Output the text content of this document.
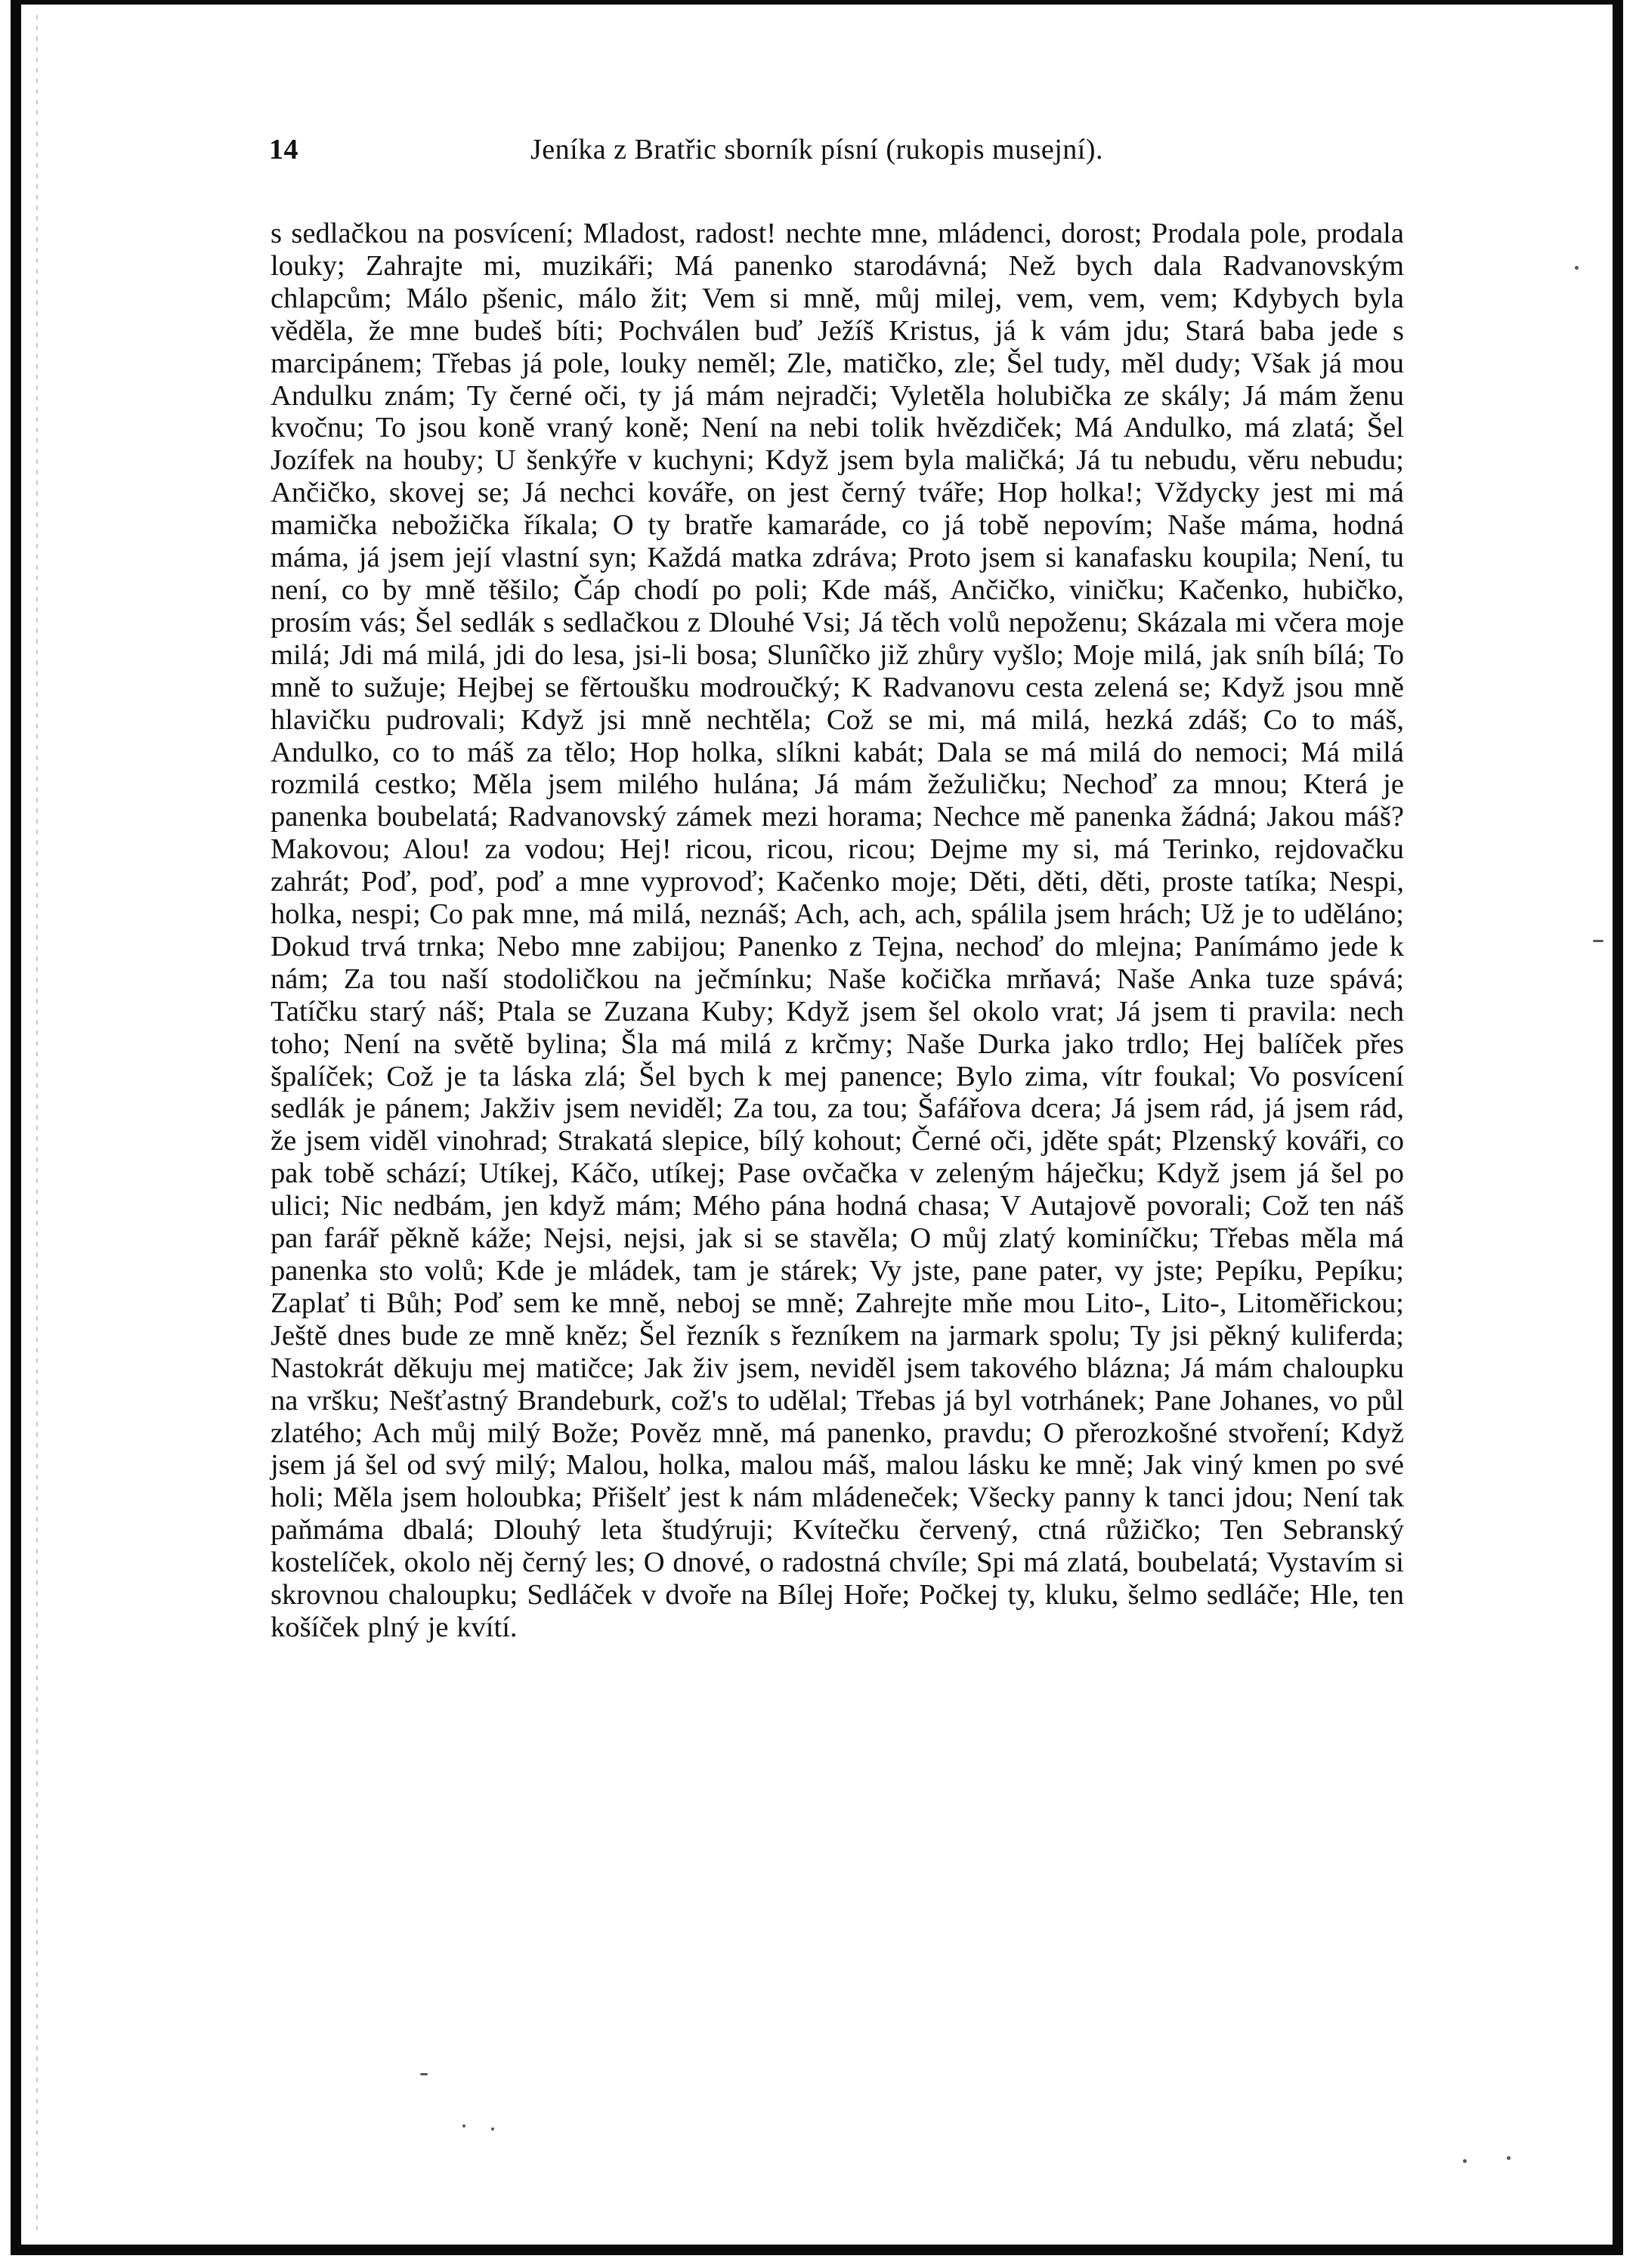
14	Jeníka z Bratřic sborník písní (rukopis musejní).
s sedlačkou na posvícení; Mladost, radost! nechte mne, mládenci, dorost; Prodala pole, prodala louky; Zahrajte mi, muzikáři; Má panenko starodávná; Než bych dala Radvanovským chlapcům; Málo pšenic, málo žit; Vem si mně, můj milej, vem, vem, vem; Kdybych byla věděla, že mne budeš bíti; Pochválen buď Ježíš Kristus, já k vám jdu; Stará baba jede s marcipánem; Třebas já pole, louky neměl; Zle, matičko, zle; Šel tudy, měl dudy; Však já mou Andulku znám; Ty černé oči, ty já mám nejradči; Vyletěla holubička ze skály; Já mám ženu kvočnu; To jsou koně vraný koně; Není na nebi tolik hvězdiček; Má Andulko, má zlatá; Šel Jozífek na houby; U šenkýře v kuchyni; Když jsem byla maličká; Já tu nebudu, věru nebudu; Ančičko, skovej se; Já nechci kováře, on jest černý tváře; Hop holka!; Vždycky jest mi má mamička nebožička říkala; O ty bratře kamaráde, co já tobě nepovím; Naše máma, hodná máma, já jsem její vlastní syn; Každá matka zdráva; Proto jsem si kanafasku koupila; Není, tu není, co by mně těšilo; Čáp chodí po poli; Kde máš, Ančičko, viničku; Kačenko, hubičko, prosím vás; Šel sedlák s sedlačkou z Dlouhé Vsi; Já těch volů nepoženu; Skázala mi včera moje milá; Jdi má milá, jdi do lesa, jsi-li bosa; Slunîčko již zhůry vyšlo; Moje milá, jak sníh bílá; To mně to sužuje; Hejbej se fěrtoušku modroučký; K Radvanovu cesta zelená se; Když jsou mně hlavičku pudrovali; Když jsi mně nechtěla; Což se mi, má milá, hezká zdáš; Co to máš, Andulko, co to máš za tělo; Hop holka, slíkni kabát; Dala se má milá do nemoci; Má milá rozmilá cestko; Měla jsem milého hulána; Já mám žežuličku; Nechoď za mnou; Která je panenka boubelatá; Radvanovský zámek mezi horama; Nechce mě panenka žádná; Jakou máš? Makovou; Alou! za vodou; Hej! ricou, ricou, ricou; Dejme my si, má Terinko, rejdovačku zahrát; Poď, poď, poď a mne vyprovoď; Kačenko moje; Děti, děti, děti, proste tatíka; Nespi, holka, nespi; Co pak mne, má milá, neznáš; Ach, ach, ach, spálila jsem hrách; Už je to uděláno; Dokud trvá trnka; Nebo mne zabijou; Panenko z Tejna, nechoď do mlejna; Panímámo jede k nám; Za tou naší stodoličkou na ječmínku; Naše kočička mrňavá; Naše Anka tuze spává; Tatíčku starý náš; Ptala se Zuzana Kuby; Když jsem šel okolo vrat; Já jsem ti pravila: nech toho; Není na světě bylina; Šla má milá z krčmy; Naše Durka jako trdlo; Hej balíček přes špalíček; Což je ta láska zlá; Šel bych k mej panence; Bylo zima, vítr foukal; Vo posvícení sedlák je pánem; Jakživ jsem neviděl; Za tou, za tou; Šafářova dcera; Já jsem rád, já jsem rád, že jsem viděl vinohrad; Strakatá slepice, bílý kohout; Černé oči, jděte spát; Plzenský kováři, co pak tobě schází; Utíkej, Káčo, utíkej; Pase ovčačka v zeleným háječku; Když jsem já šel po ulici; Nic nedbám, jen když mám; Mého pána hodná chasa; V Autajově povorali; Což ten náš pan farář pěkně káže; Nejsi, nejsi, jak si se stavěla; O můj zlatý kominíčku; Třebas měla má panenka sto volů; Kde je mládek, tam je stárek; Vy jste, pane pater, vy jste; Pepíku, Pepíku; Zaplať ti Bůh; Poď sem ke mně, neboj se mně; Zahrejte mňe mou Lito-, Lito-, Litoměřickou; Ještě dnes bude ze mně kněz; Šel řezník s řezníkem na jarmark spolu; Ty jsi pěkný kuliferda; Nastokrát děkuju mej matičce; Jak živ jsem, neviděl jsem takového blázna; Já mám chaloupku na vršku; Nešťastný Brandeburk, což's to udělal; Třebas já byl votrhánek; Pane Johanes, vo půl zlatého; Ach můj milý Bože; Pověz mně, má panenko, pravdu; O přerozkošné stvoření; Když jsem já šel od svý milý; Malou, holka, malou máš, malou lásku ke mně; Jak viný kmen po své holi; Měla jsem holoubka; Přišelť jest k nám mládeneček; Všecky panny k tanci jdou; Není tak paňmáma dbalá; Dlouhý leta študýruji; Kvítečku červený, ctná růžičko; Ten Sebranský kostelíček, okolo něj černý les; O dnové, o radostná chvíle; Spi má zlatá, boubelatá; Vystavím si skrovnou chaloupku; Sedláček v dvoře na Bílej Hoře; Počkej ty, kluku, šelmo sedláče; Hle, ten košíček plný je kvítí.
